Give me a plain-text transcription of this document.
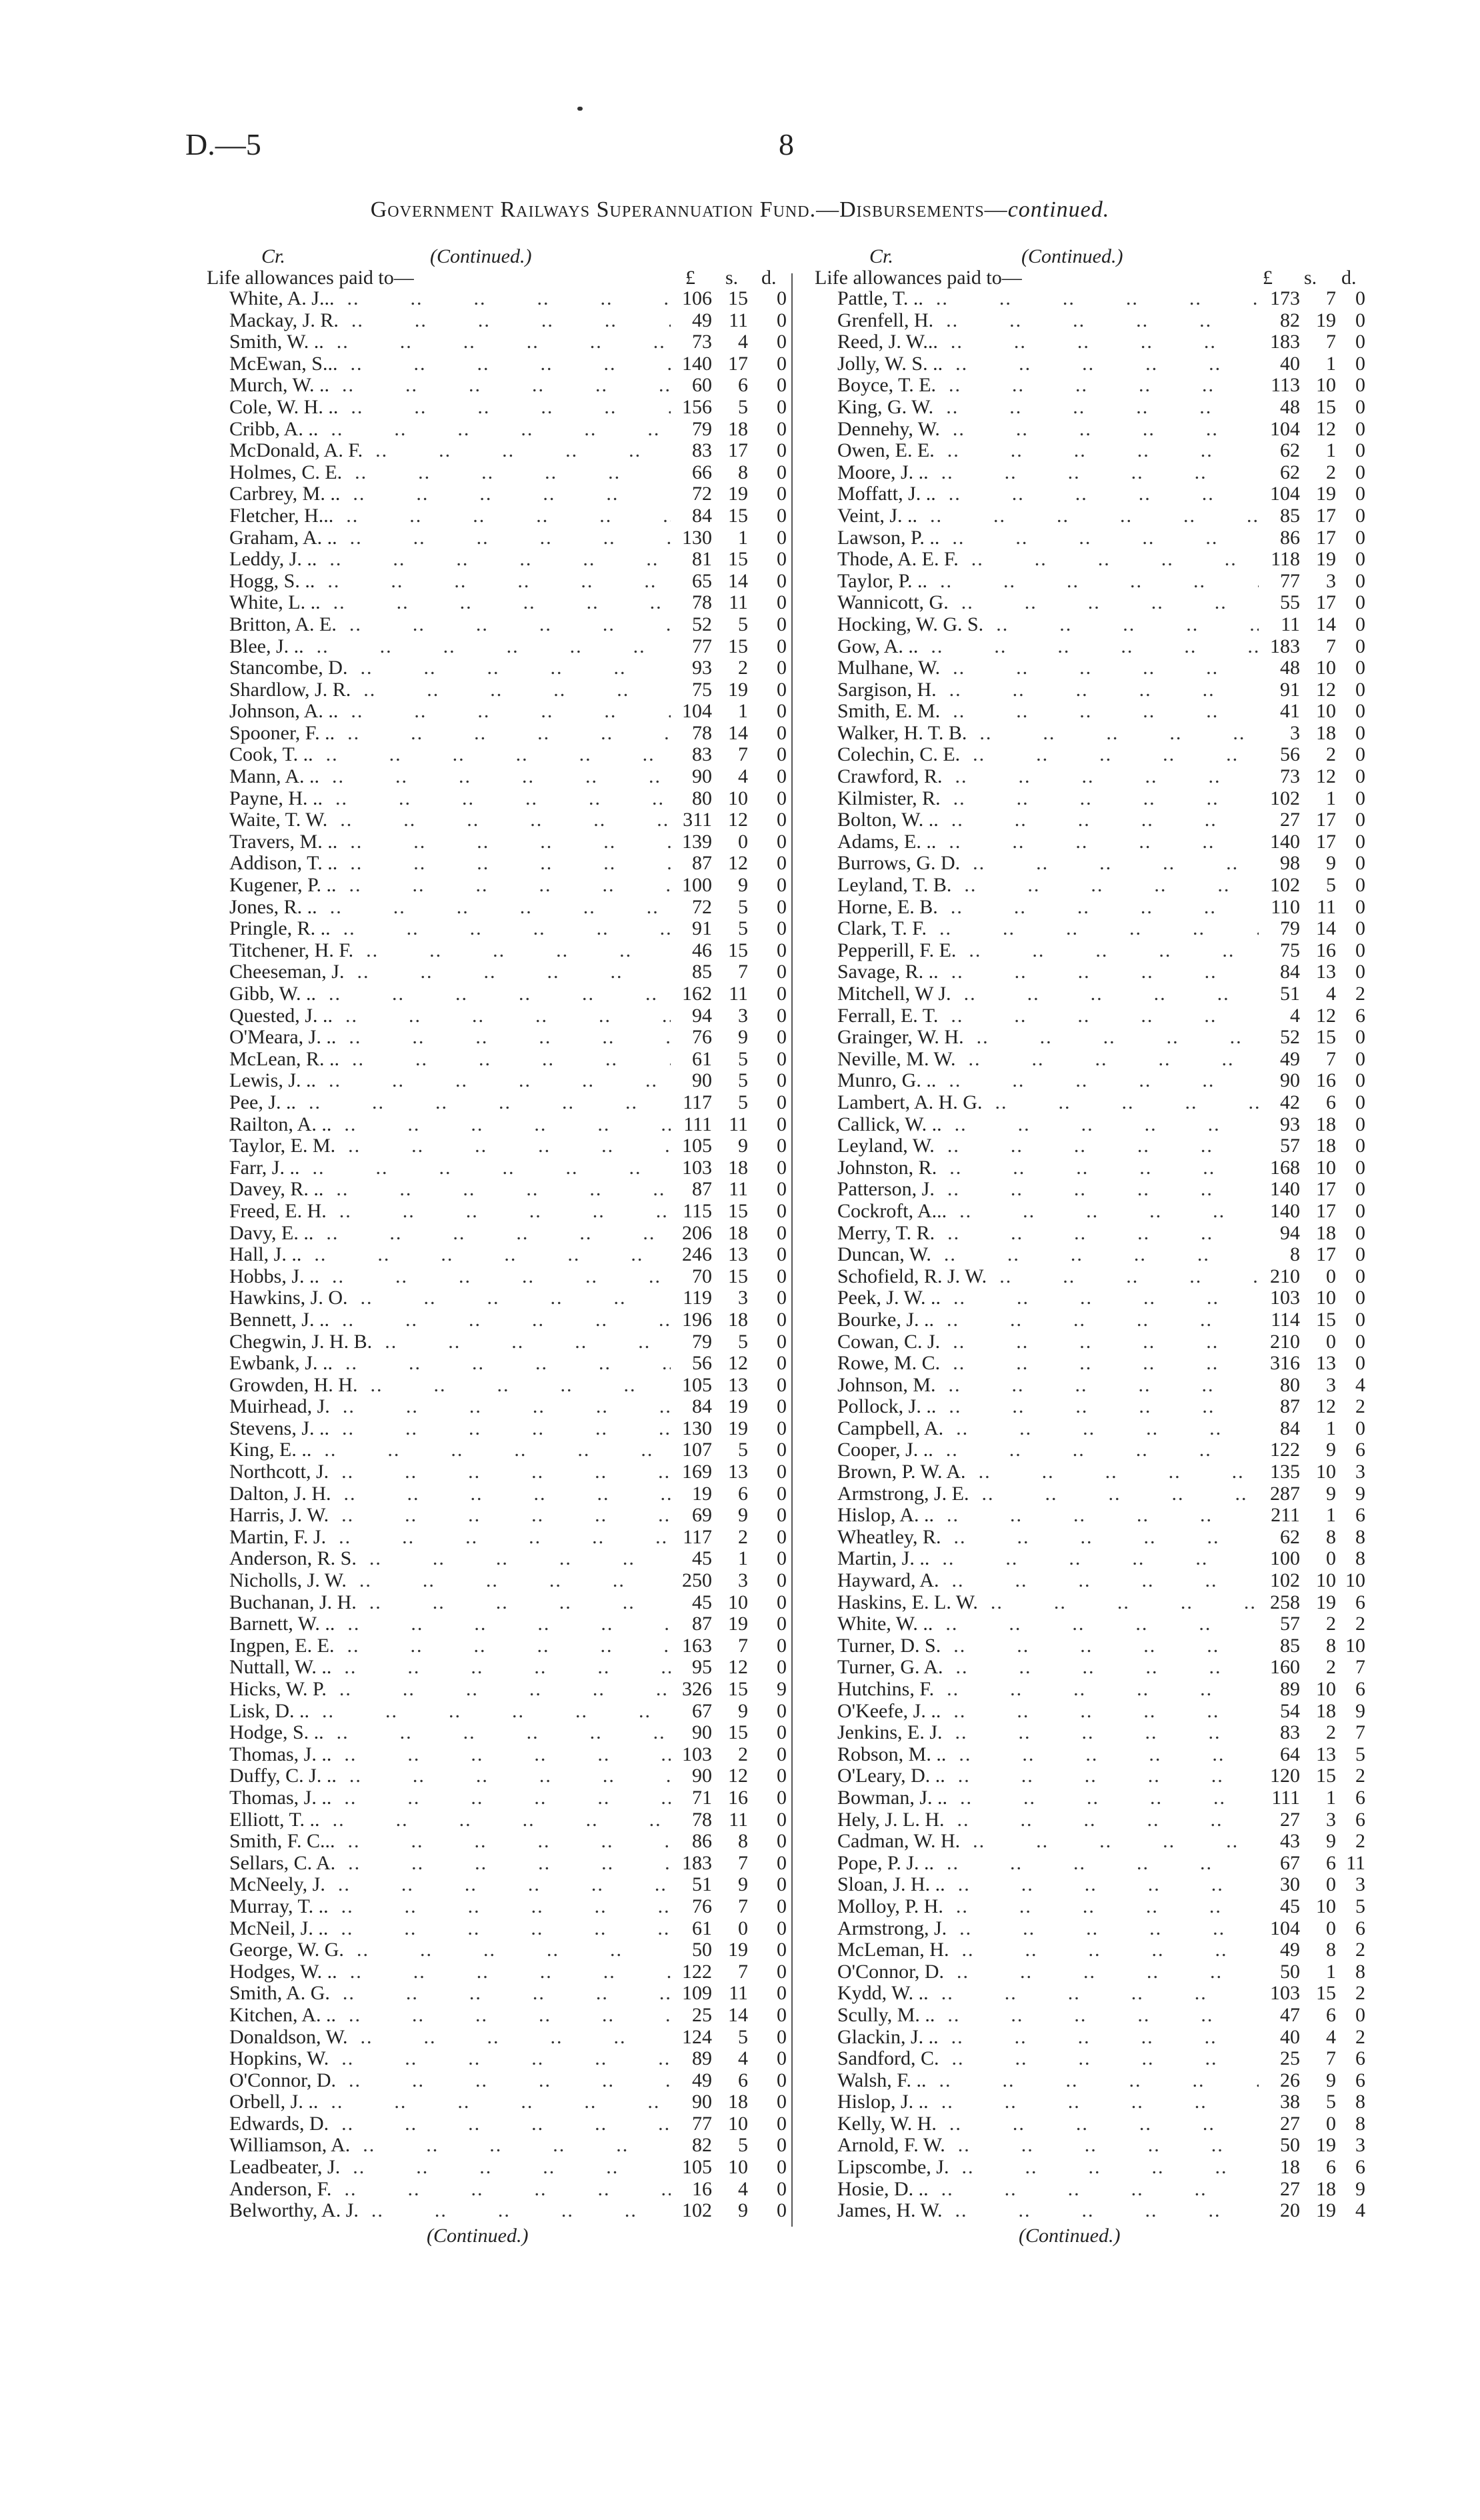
D.—5	8
Government Railways Superannuation Fund.—Disbursements—continued.
Cr.	(Continued.)
Life allowances paid to—	£ s. d.
White, A. J... ..	106 15	0
Mackay, J. R. ..	49 11	0
Smith, W. .. ..	73	4	0
McEwan, S... ..	140 17	0
Murch, W. .. ..	60	6	0
Cole, W. H. .. ..	156	5	0
Cribb, A. .. ..	79 18	0
McDonald, A. F. ..	83 17	0
Holmes, C. E. ..	66	8	0
Carbrey, M. .. ..	72 19	0
Fletcher, H... ..	84 15	0
Graham, A. .. ..	130	1	0
Leddy, J. .. ..	81 15	0
Hogg, S. .. ..	65 14	0
White, L. .. ..	78 11	0
Britton, A. E. ..	52	5	0
Blee, J. .. ..	77 15	0
Stancombe, D. ..	93	2	0
Shardlow, J. R. ..	75 19	0
Johnson, A. .. ..	104	1	0
Spooner, F. .. ..	78 14	0
Cook, T. .. ..	83	7	0
Mann, A. .. ..	90	4	0
Payne, H. .. ..	80 10	0
Waite, T. W. ..	311 12	0
Travers, M. .. ..	139	0	0
Addison, T. .. ..	87 12	0
Kugener, P. .. ..	100	9	0
Jones, R. .. ..	72	5	0
Pringle, R. .. ..	91	5	0
Titchener, H. F. ..	46 15	0
Cheeseman, J. ..	85	7	0
Gibb, W. .. ..	162 11	0
Quested, J. .. ..	94	3	0
O'Meara, J. .. ..	76	9	0
McLean, R. .. ..	61	5	0
Lewis, J. .. ..	90	5	0
Pee, J. .. ..	117	5	0
Railton, A. .. ..	111 11	0
Taylor, E. M. ..	105	9	0
Farr, J. .. ..	103 18	0
Davey, R. .. ..	87 11	0
Freed, E. H. ..	115 15	0
Davy, E. .. ..	206 18	0
Hall, J. .. ..	246 13	0
Hobbs, J. .. ..	70 15	0
Hawkins, J. O. ..	119	3	0
Bennett, J. .. ..	196 18	0
Chegwin, J. H. B. ..	79	5	0
Ewbank, J. .. ..	56 12	0
Growden, H. H. ..	105 13	0
Muirhead, J. ..	84 19	0
Stevens, J. .. ..	130 19	0
King, E. .. ..	107	5	0
Northcott, J. ..	169 13	0
Dalton, J. H. ..	19	6	0
Harris, J. W. ..	69	9	0
Martin, F. J. ..	117	2	0
Anderson, R. S. ..	45	1	0
Nicholls, J. W. ..	250	3	0
Buchanan, J. H. ..	45 10	0
Barnett, W. .. ..	87 19	0
Ingpen, E. E. ..	163	7	0
Nuttall, W. .. ..	95 12	0
Hicks, W. P. ..	326 15	9
Lisk, D. .. ..	67	9	0
Hodge, S. .. ..	90 15	0
Thomas, J. .. ..	103	2	0
Duffy, C. J. .. ..	90 12	0
Thomas, J. .. ..	71 16	0
Elliott, T. .. ..	78 11	0
Smith, F. C... ..	86	8	0
Sellars, C. A. ..	183	7	0
McNeely, J. ..	51	9	0
Murray, T. .. ..	76	7	0
McNeil, J. .. ..	61	0	0
George, W. G. ..	50 19	0
Hodges, W. .. ..	122	7	0
Smith, A. G. ..	109 11	0
Kitchen, A. .. ..	25 14	0
Donaldson, W. ..	124	5	0
Hopkins, W. ..	89	4	0
O'Connor, D. ..	49	6	0
Orbell, J. .. ..	90 18	0
Edwards, D. ..	77 10	0
Williamson, A. ..	82	5	0
Leadbeater, J. ..	105 10	0
Anderson, F. ..	16	4	0
Belworthy, A. J. ..	102	9	0
(Continued.)
Cr.	(Continued.)
Life allowances paid to—	£ s. d.
Pattle, T. .. ..	173	7 0
Grenfell, H. ..	82 19 0
Reed, J. W... ..	183	7 0
Jolly, W. S. .. ..	40	1 0
Boyce, T. E. ..	113 10 0
King, G. W. ..	48 15 0
Dennehy, W. ..	104 12 0
Owen, E. E. ..	62	1 0
Moore, J. .. ..	62	2 0
Moffatt, J. .. ..	104 19 0
Veint, J. .. ..	85 17 0
Lawson, P. .. ..	86 17 0
Thode, A. E. F. ..	118 19 0
Taylor, P. .. ..	77	3 0
Wannicott, G. ..	55 17 0
Hocking, W. G. S. ..	11 14 0
Gow, A. .. ..	183	7 0
Mulhane, W. ..	48 10 0
Sargison, H. ..	91 12 0
Smith, E. M. ..	41 10 0
Walker, H. T. B. ..	3 18 0
Colechin, C. E. ..	56	2 0
Crawford, R. ..	73 12 0
Kilmister, R. ..	102	1 0
Bolton, W. .. ..	27 17 0
Adams, E. .. ..	140 17 0
Burrows, G. D. ..	98	9 0
Leyland, T. B. ..	102	5 0
Horne, E. B. ..	110 11 0
Clark, T. F. ..	79 14 0
Pepperill, F. E. ..	75 16 0
Savage, R. .. ..	84 13 0
Mitchell, W J. ..	51	4 2
Ferrall, E. T. ..	4 12 6
Grainger, W. H. ..	52 15 0
Neville, M. W. ..	49	7 0
Munro, G. .. ..	90 16 0
Lambert, A. H. G. ..	42	6 0
Callick, W. .. ..	93 18 0
Leyland, W. ..	57 18 0
Johnston, R. ..	168 10 0
Patterson, J. ..	140 17 0
Cockroft, A... ..	140 17 0
Merry, T. R. ..	94 18 0
Duncan, W. ..	8 17 0
Schofield, R. J. W. ..	210	0 0
Peek, J. W. .. ..	103 10 0
Bourke, J. .. ..	114 15 0
Cowan, C. J. ..	210	0 0
Rowe, M. C. ..	316 13 0
Johnson, M. ..	80	3 4
Pollock, J. .. ..	87 12 2
Campbell, A. ..	84	1 0
Cooper, J. .. ..	122	9 6
Brown, P. W. A. ..	135 10 3
Armstrong, J. E. ..	287	9 9
Hislop, A. .. ..	211	1 6
Wheatley, R. ..	62	8 8
Martin, J. .. ..	100	0 8
Hayward, A. ..	102 10 10
Haskins, E. L. W. ..	258 19 6
White, W. .. ..	57	2 2
Turner, D. S. ..	85	8 10
Turner, G. A. ..	160	2 7
Hutchins, F. ..	89 10 6
O'Keefe, J. .. ..	54 18 9
Jenkins, E. J. ..	83	2 7
Robson, M. .. ..	64 13 5
O'Leary, D. .. ..	120 15 2
Bowman, J. .. ..	111	1 6
Hely, J. L. H. ..	27	3 6
Cadman, W. H. ..	43	9 2
Pope, P. J. .. ..	67	6 11
Sloan, J. H. .. ..	30	0 3
Molloy, P. H. ..	45 10 5
Armstrong, J. ..	104	0 6
McLeman, H. ..	49	8 2
O'Connor, D. ..	50	1 8
Kydd, W. .. ..	103 15 2
Scully, M. .. ..	47	6 0
Glackin, J. .. ..	40	4 2
Sandford, C. ..	25	7 6
Walsh, F. .. ..	26	9 6
Hislop, J. .. ..	38	5 8
Kelly, W. H. ..	27	0 8
Arnold, F. W. ..	50 19 3
Lipscombe, J. ..	18	6 6
Hosie, D. .. ..	27 18 9
James, H. W. ..	20 19 4
(Continued.)
